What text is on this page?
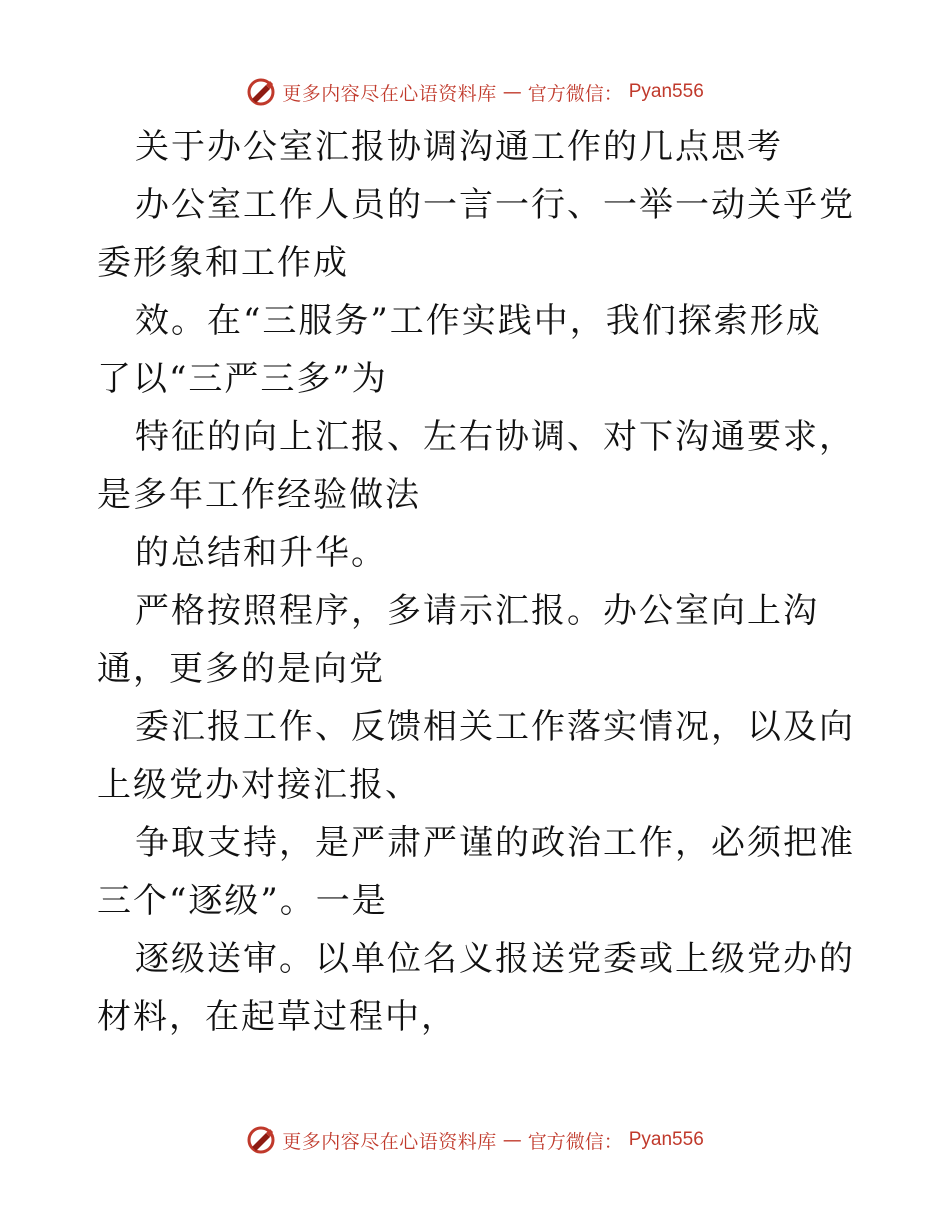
更多内容尽在心语资料库 — 官方微信： Pyan556

关于办公室汇报协调沟通工作的几点思考

办公室工作人员的一言一行、一举一动关乎党委形象和工作成

效。在“三服务”工作实践中，我们探索形成了以“三严三多”为

特征的向上汇报、左右协调、对下沟通要求，是多年工作经验做法

的总结和升华。

严格按照程序，多请示汇报。办公室向上沟通，更多的是向党

委汇报工作、反馈相关工作落实情况，以及向上级党办对接汇报、

争取支持，是严肃严谨的政治工作，必须把准三个“逐级”。一是

逐级送审。以单位名义报送党委或上级党办的材料，在起草过程中，

更多内容尽在心语资料库 — 官方微信： Pyan556
